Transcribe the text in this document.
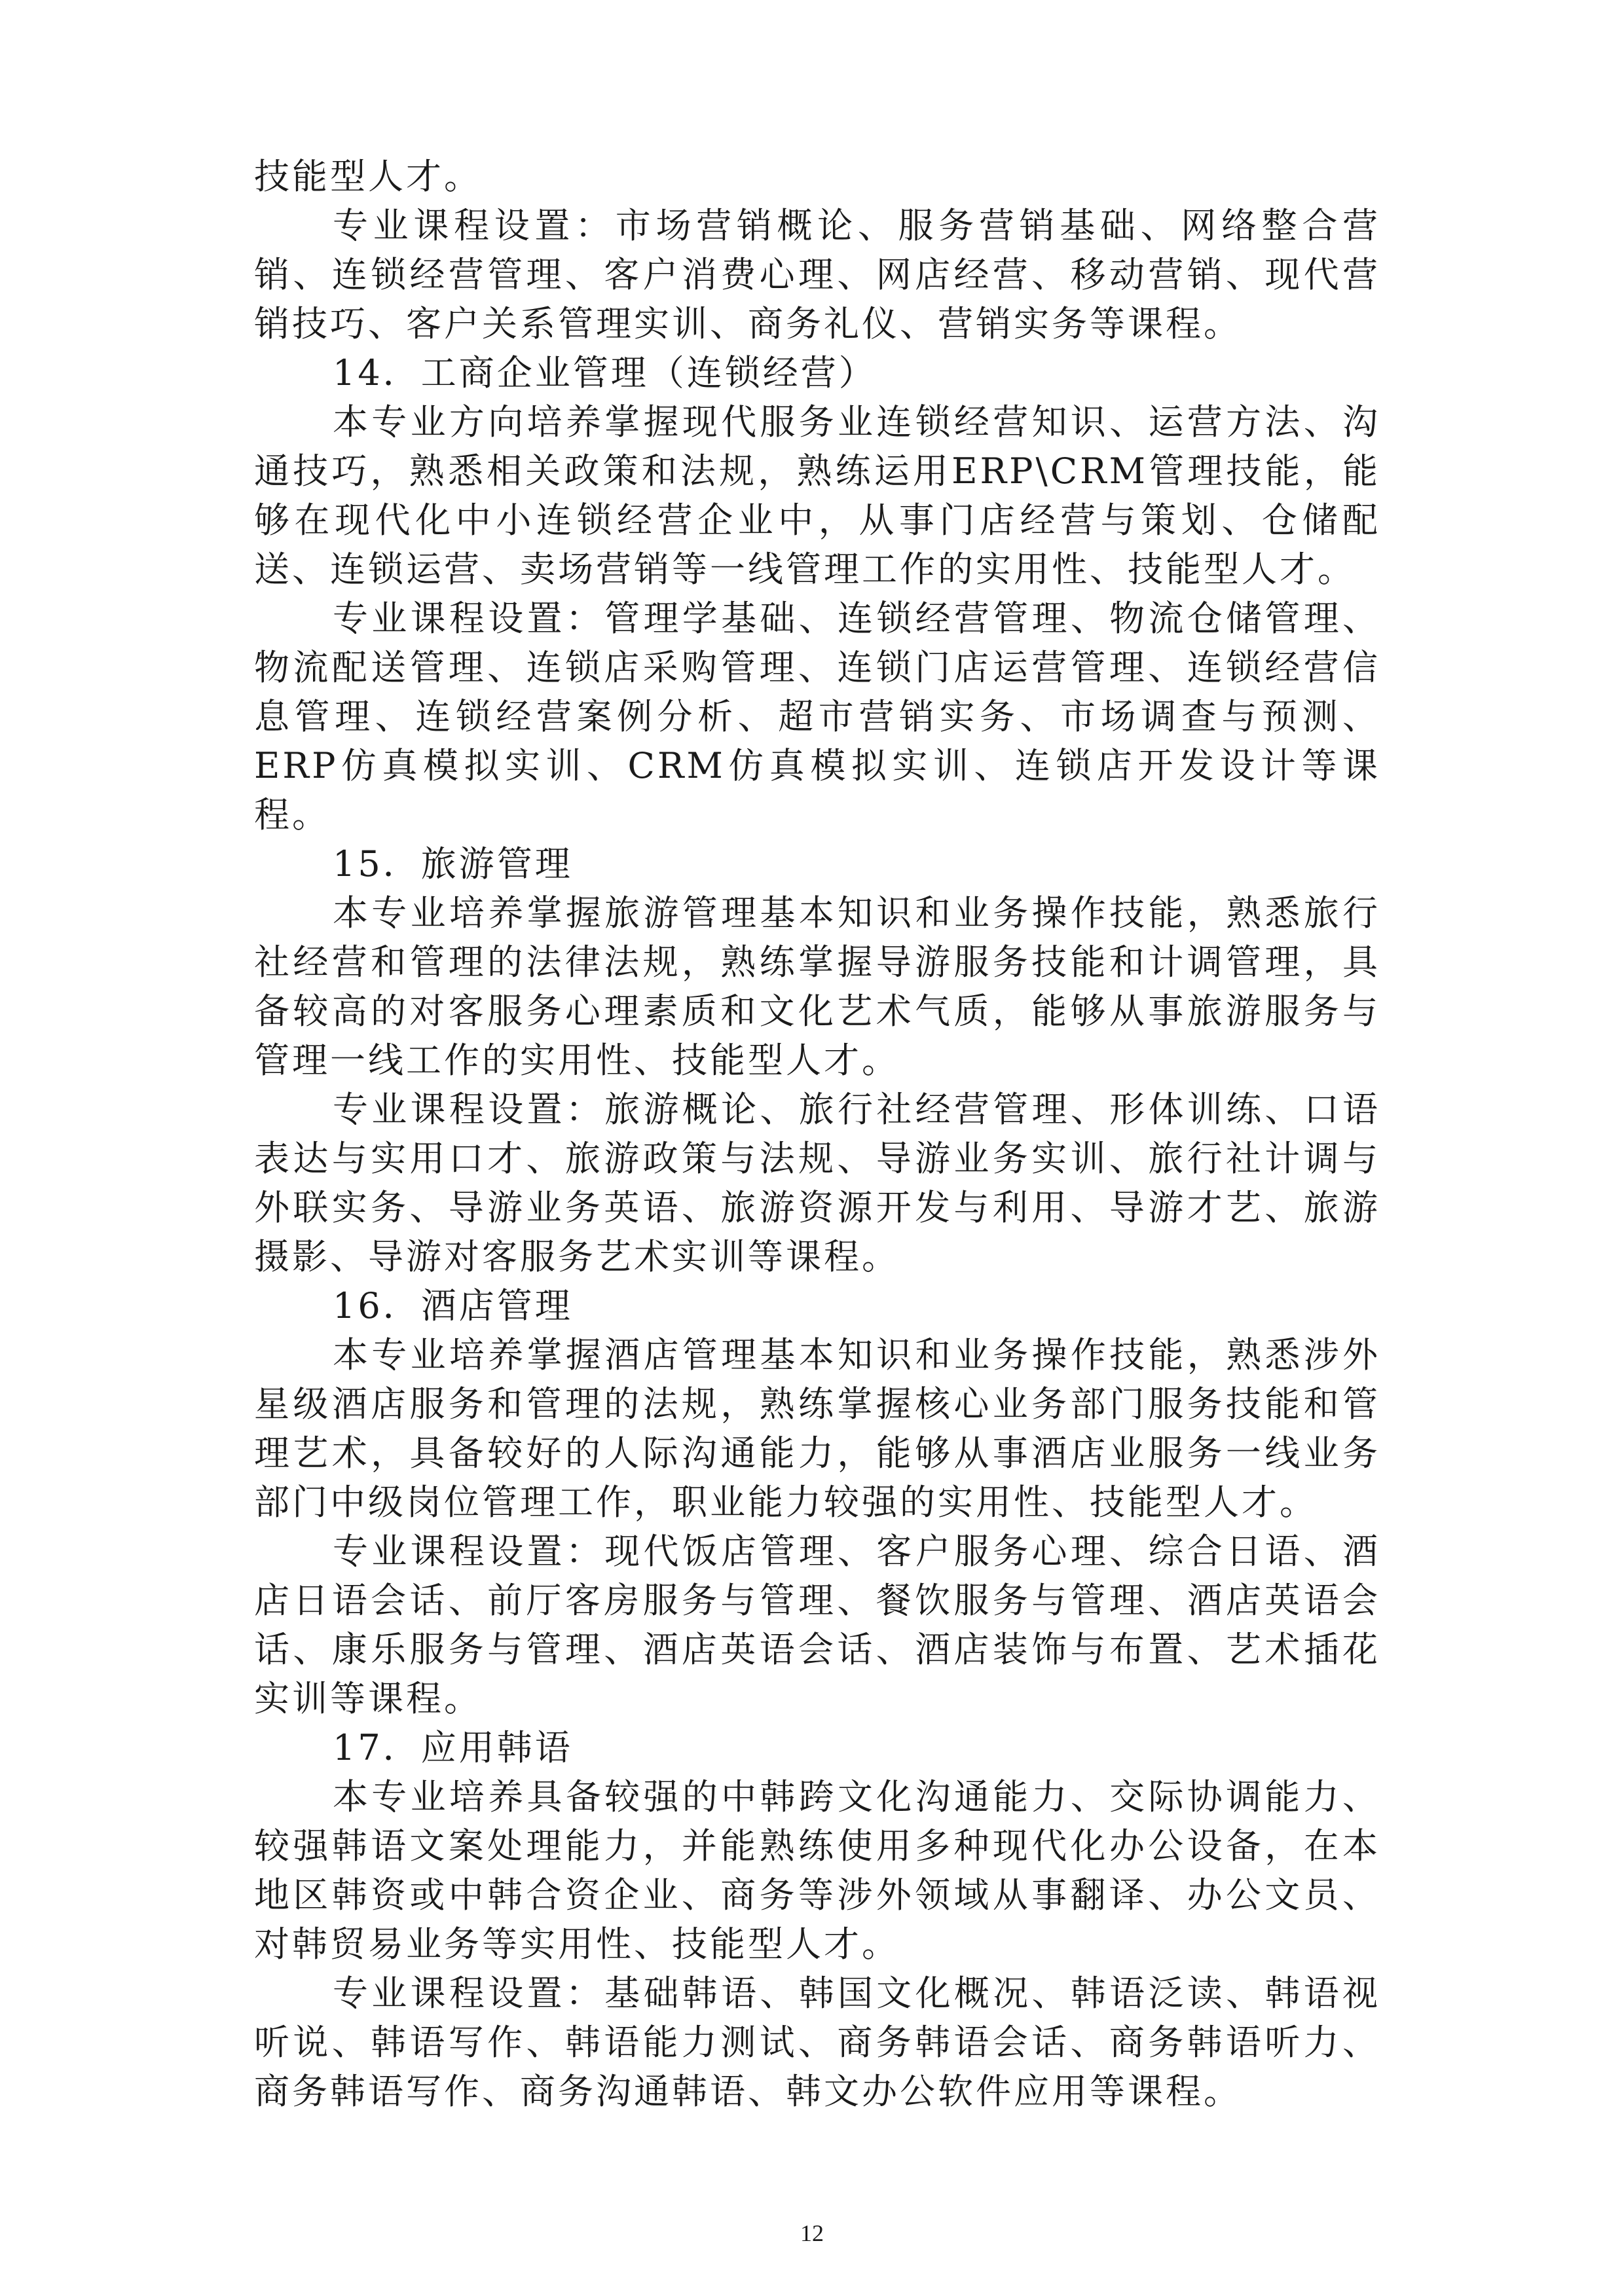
技能型人才。

专业课程设置：市场营销概论、服务营销基础、网络整合营销、连锁经营管理、客户消费心理、网店经营、移动营销、现代营销技巧、客户关系管理实训、商务礼仪、营销实务等课程。

14．工商企业管理（连锁经营）

本专业方向培养掌握现代服务业连锁经营知识、运营方法、沟通技巧，熟悉相关政策和法规，熟练运用ERP\CRM管理技能，能够在现代化中小连锁经营企业中，从事门店经营与策划、仓储配送、连锁运营、卖场营销等一线管理工作的实用性、技能型人才。

专业课程设置：管理学基础、连锁经营管理、物流仓储管理、物流配送管理、连锁店采购管理、连锁门店运营管理、连锁经营信息管理、连锁经营案例分析、超市营销实务、市场调查与预测、ERP仿真模拟实训、CRM仿真模拟实训、连锁店开发设计等课程。

15．旅游管理

本专业培养掌握旅游管理基本知识和业务操作技能，熟悉旅行社经营和管理的法律法规，熟练掌握导游服务技能和计调管理，具备较高的对客服务心理素质和文化艺术气质，能够从事旅游服务与管理一线工作的实用性、技能型人才。

专业课程设置：旅游概论、旅行社经营管理、形体训练、口语表达与实用口才、旅游政策与法规、导游业务实训、旅行社计调与外联实务、导游业务英语、旅游资源开发与利用、导游才艺、旅游摄影、导游对客服务艺术实训等课程。

16．酒店管理

本专业培养掌握酒店管理基本知识和业务操作技能，熟悉涉外星级酒店服务和管理的法规，熟练掌握核心业务部门服务技能和管理艺术，具备较好的人际沟通能力，能够从事酒店业服务一线业务部门中级岗位管理工作，职业能力较强的实用性、技能型人才。

专业课程设置：现代饭店管理、客户服务心理、综合日语、酒店日语会话、前厅客房服务与管理、餐饮服务与管理、酒店英语会话、康乐服务与管理、酒店英语会话、酒店装饰与布置、艺术插花实训等课程。

17．应用韩语

本专业培养具备较强的中韩跨文化沟通能力、交际协调能力、较强韩语文案处理能力，并能熟练使用多种现代化办公设备，在本地区韩资或中韩合资企业、商务等涉外领域从事翻译、办公文员、对韩贸易业务等实用性、技能型人才。

专业课程设置：基础韩语、韩国文化概况、韩语泛读、韩语视听说、韩语写作、韩语能力测试、商务韩语会话、商务韩语听力、商务韩语写作、商务沟通韩语、韩文办公软件应用等课程。

12
